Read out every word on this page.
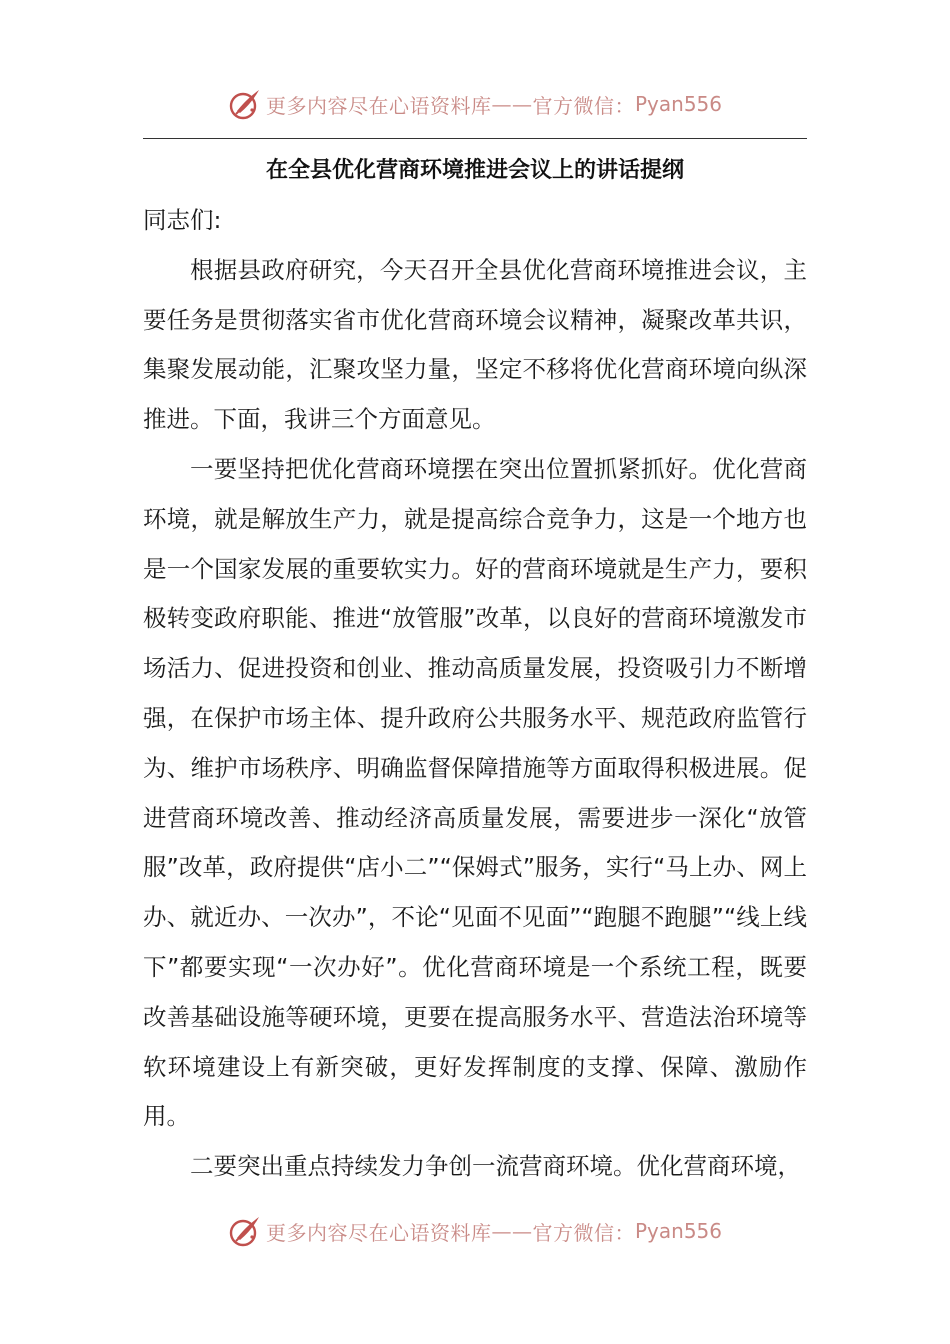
更多内容尽在心语资料库 —— 官方微信： Pyan556
在全县优化营商环境推进会议上的讲话提纲

同志们:

根据县政府研究，今天召开全县优化营商环境推进会议，主要任务是贯彻落实省市优化营商环境会议精神，凝聚改革共识，集聚发展动能，汇聚攻坚力量，坚定不移将优化营商环境向纵深推进。下面，我讲三个方面意见。

一要坚持把优化营商环境摆在突出位置抓紧抓好。优化营商环境，就是解放生产力，就是提高综合竞争力，这是一个地方也是一个国家发展的重要软实力。好的营商环境就是生产力，要积极转变政府职能、推进“放管服”改革，以良好的营商环境激发市场活力、促进投资和创业、推动高质量发展，投资吸引力不断增强，在保护市场主体、提升政府公共服务水平、规范政府监管行为、维护市场秩序、明确监督保障措施等方面取得积极进展。促进营商环境改善、推动经济高质量发展，需要进步一深化“放管服”改革，政府提供“店小二”“保姆式”服务，实行“马上办、网上办、就近办、一次办”，不论“见面不见面”“跑腿不跑腿”“线上线下”都要实现“一次办好”。优化营商环境是一个系统工程，既要改善基础设施等硬环境，更要在提高服务水平、营造法治环境等软环境建设上有新突破，更好发挥制度的支撑、保障、激励作用。

二要突出重点持续发力争创一流营商环境。优化营商环境，

更多内容尽在心语资料库 —— 官方微信： Pyan556
